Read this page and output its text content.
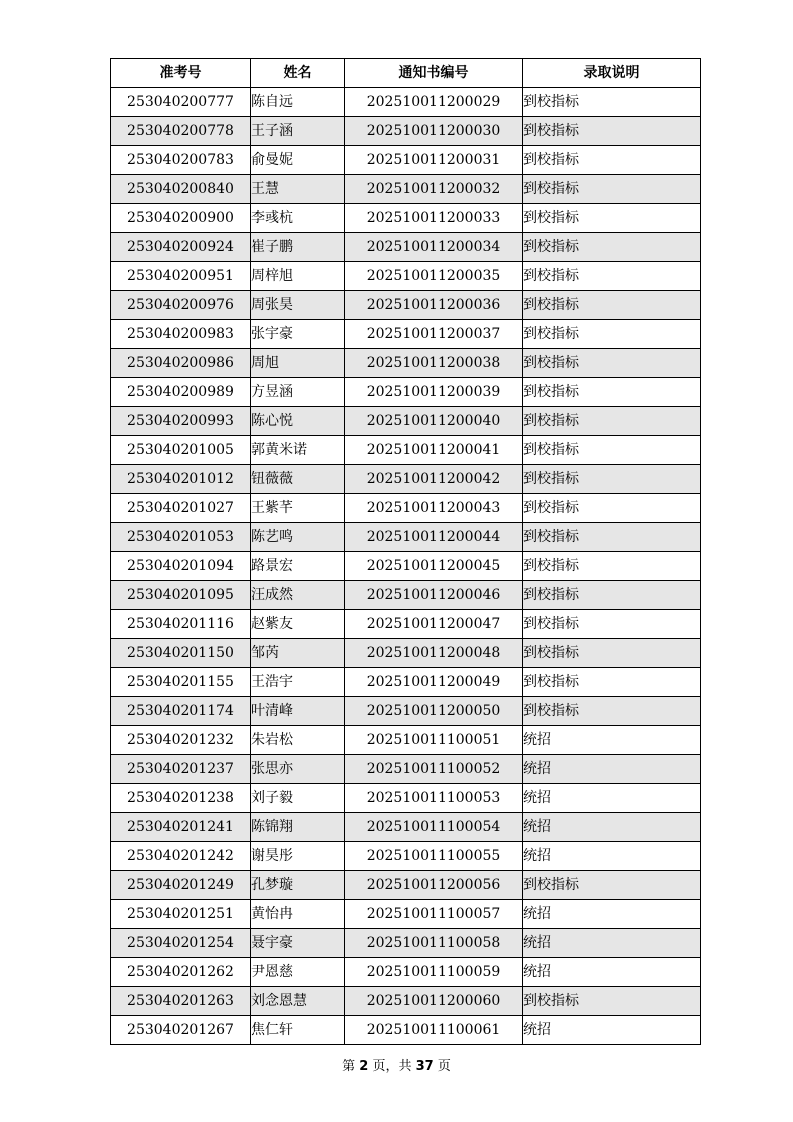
准考号	姓名	通知书编号	录取说明
253040200777	陈自远	202510011200029	到校指标
253040200778	王子涵	202510011200030	到校指标
253040200783	俞曼妮	202510011200031	到校指标
253040200840	王慧	202510011200032	到校指标
253040200900	李彧杭	202510011200033	到校指标
253040200924	崔子鹏	202510011200034	到校指标
253040200951	周梓旭	202510011200035	到校指标
253040200976	周张昊	202510011200036	到校指标
253040200983	张宇豪	202510011200037	到校指标
253040200986	周旭	202510011200038	到校指标
253040200989	方昱涵	202510011200039	到校指标
253040200993	陈心悦	202510011200040	到校指标
253040201005	郭黄米诺	202510011200041	到校指标
253040201012	钮薇薇	202510011200042	到校指标
253040201027	王紫芊	202510011200043	到校指标
253040201053	陈艺鸣	202510011200044	到校指标
253040201094	路景宏	202510011200045	到校指标
253040201095	汪成然	202510011200046	到校指标
253040201116	赵紫友	202510011200047	到校指标
253040201150	邹芮	202510011200048	到校指标
253040201155	王浩宇	202510011200049	到校指标
253040201174	叶清峰	202510011200050	到校指标
253040201232	朱岩松	202510011100051	统招
253040201237	张思亦	202510011100052	统招
253040201238	刘子毅	202510011100053	统招
253040201241	陈锦翔	202510011100054	统招
253040201242	谢昊彤	202510011100055	统招
253040201249	孔梦璇	202510011200056	到校指标
253040201251	黄怡冉	202510011100057	统招
253040201254	聂宇豪	202510011100058	统招
253040201262	尹恩慈	202510011100059	统招
253040201263	刘念恩慧	202510011200060	到校指标
253040201267	焦仁轩	202510011100061	统招
第 2 页，共 37 页
